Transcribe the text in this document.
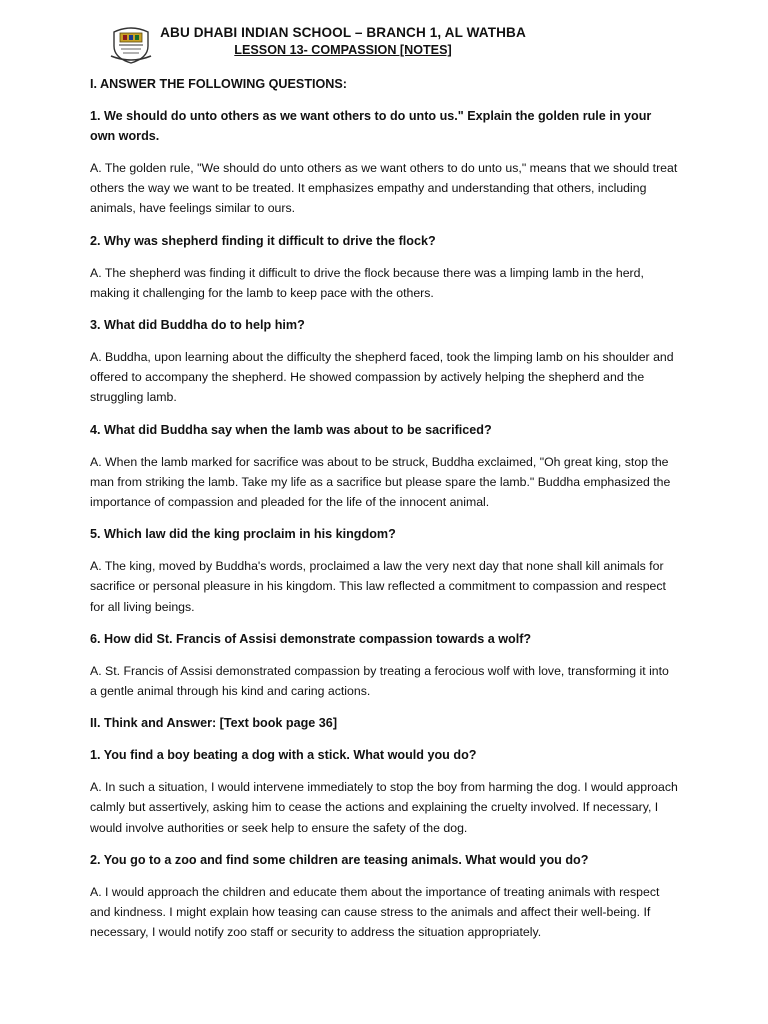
ABU DHABI INDIAN SCHOOL – BRANCH 1, AL WATHBA
LESSON 13- COMPASSION [NOTES]

I. ANSWER THE FOLLOWING QUESTIONS:

1. We should do unto others as we want others to do unto us." Explain the golden rule in your own words.

A. The golden rule, "We should do unto others as we want others to do unto us," means that we should treat others the way we want to be treated. It emphasizes empathy and understanding that others, including animals, have feelings similar to ours.

2. Why was shepherd finding it difficult to drive the flock?

A. The shepherd was finding it difficult to drive the flock because there was a limping lamb in the herd, making it challenging for the lamb to keep pace with the others.

3. What did Buddha do to help him?

A. Buddha, upon learning about the difficulty the shepherd faced, took the limping lamb on his shoulder and offered to accompany the shepherd. He showed compassion by actively helping the shepherd and the struggling lamb.

4. What did Buddha say when the lamb was about to be sacrificed?

A. When the lamb marked for sacrifice was about to be struck, Buddha exclaimed, "Oh great king, stop the man from striking the lamb. Take my life as a sacrifice but please spare the lamb." Buddha emphasized the importance of compassion and pleaded for the life of the innocent animal.

5. Which law did the king proclaim in his kingdom?

A. The king, moved by Buddha's words, proclaimed a law the very next day that none shall kill animals for sacrifice or personal pleasure in his kingdom. This law reflected a commitment to compassion and respect for all living beings.

6. How did St. Francis of Assisi demonstrate compassion towards a wolf?

A. St. Francis of Assisi demonstrated compassion by treating a ferocious wolf with love, transforming it into a gentle animal through his kind and caring actions.

II. Think and Answer: [Text book page 36]

1. You find a boy beating a dog with a stick. What would you do?

A. In such a situation, I would intervene immediately to stop the boy from harming the dog. I would approach calmly but assertively, asking him to cease the actions and explaining the cruelty involved. If necessary, I would involve authorities or seek help to ensure the safety of the dog.

2. You go to a zoo and find some children are teasing animals. What would you do?

A. I would approach the children and educate them about the importance of treating animals with respect and kindness. I might explain how teasing can cause stress to the animals and affect their well-being. If necessary, I would notify zoo staff or security to address the situation appropriately.
